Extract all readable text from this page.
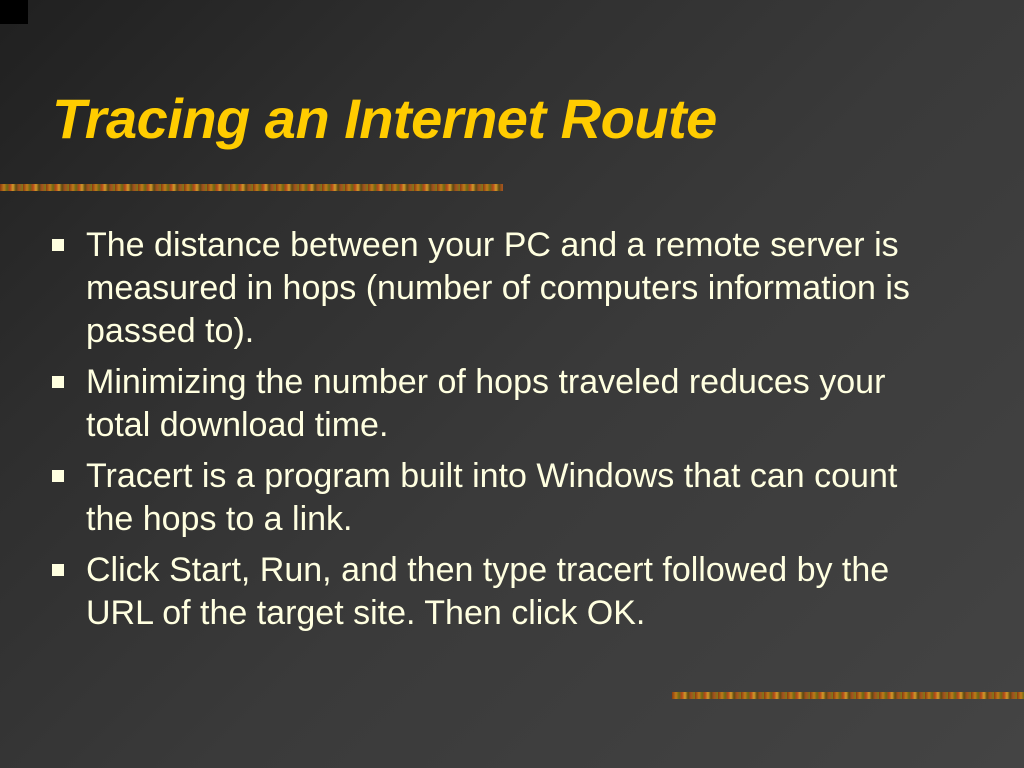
Tracing an Internet Route
The distance between your PC and a remote server is measured in hops (number of computers information is passed to).
Minimizing the number of hops traveled reduces your total download time.
Tracert is a program built into Windows that can count the hops to a link.
Click Start, Run, and then type tracert followed by the URL of the target site. Then click OK.
